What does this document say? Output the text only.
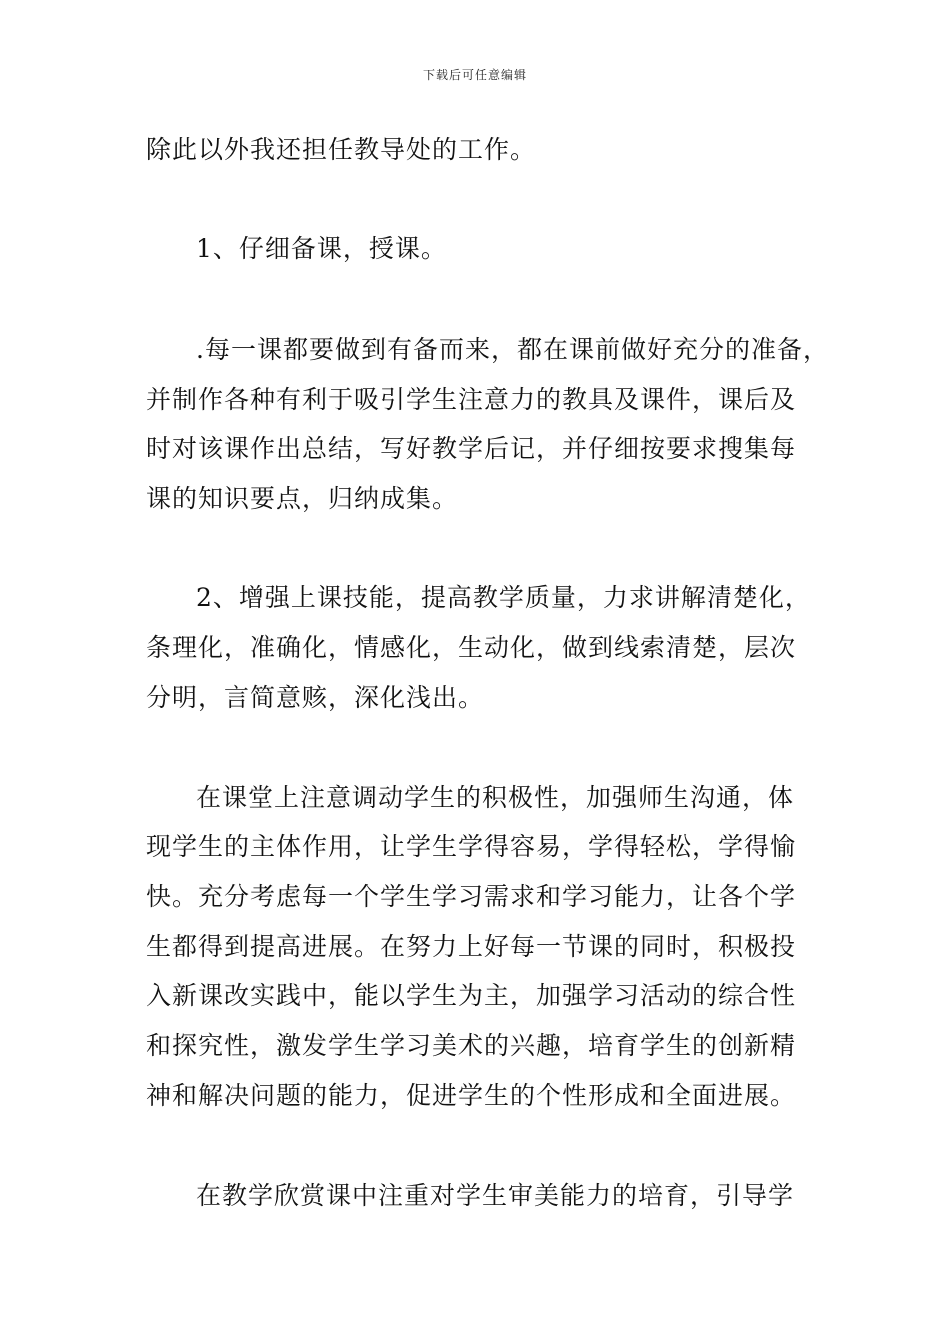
下载后可任意编辑
除此以外我还担任教导处的工作。
1、仔细备课，授课。
.每一课都要做到有备而来，都在课前做好充分的准备，
并制作各种有利于吸引学生注意力的教具及课件，课后及
时对该课作出总结，写好教学后记，并仔细按要求搜集每
课的知识要点，归纳成集。
2、增强上课技能，提高教学质量，力求讲解清楚化，
条理化，准确化，情感化，生动化，做到线索清楚，层次
分明，言简意赅，深化浅出。
在课堂上注意调动学生的积极性，加强师生沟通，体
现学生的主体作用，让学生学得容易，学得轻松，学得愉
快。充分考虑每一个学生学习需求和学习能力，让各个学
生都得到提高进展。在努力上好每一节课的同时，积极投
入新课改实践中，能以学生为主，加强学习活动的综合性
和探究性，激发学生学习美术的兴趣，培育学生的创新精
神和解决问题的能力，促进学生的个性形成和全面进展。
在教学欣赏课中注重对学生审美能力的培育，引导学
